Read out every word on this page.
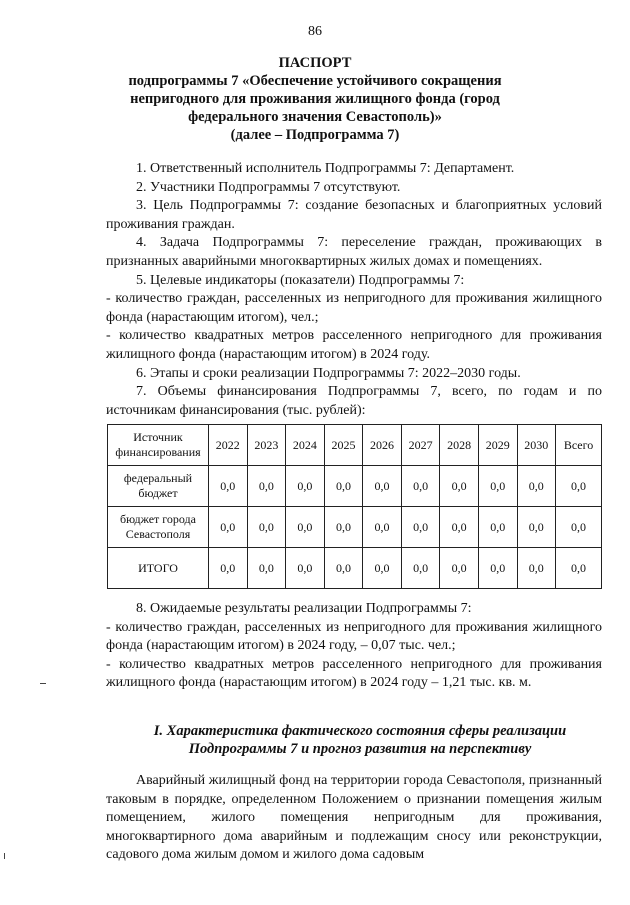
86
ПАСПОРТ
подпрограммы 7 «Обеспечение устойчивого сокращения непригодного для проживания жилищного фонда (город федерального значения Севастополь)»
(далее – Подпрограмма 7)

1. Ответственный исполнитель Подпрограммы 7: Департамент.

2. Участники Подпрограммы 7 отсутствуют.

3. Цель Подпрограммы 7: создание безопасных и благоприятных условий проживания граждан.

4. Задача Подпрограммы 7: переселение граждан, проживающих в признанных аварийными многоквартирных жилых домах и помещениях.

5. Целевые индикаторы (показатели) Подпрограммы 7:

- количество граждан, расселенных из непригодного для проживания жилищного фонда (нарастающим итогом), чел.;

- количество квадратных метров расселенного непригодного для проживания жилищного фонда (нарастающим итогом) в 2024 году.

6. Этапы и сроки реализации Подпрограммы 7: 2022–2030 годы.

7. Объемы финансирования Подпрограммы 7, всего, по годам и по источникам финансирования (тыс. рублей):

Источник финансирования	2022	2023	2024	2025	2026	2027	2028	2029	2030	Всего
федеральный бюджет	0,0	0,0	0,0	0,0	0,0	0,0	0,0	0,0	0,0	0,0
бюджет города Севастополя	0,0	0,0	0,0	0,0	0,0	0,0	0,0	0,0	0,0	0,0
ИТОГО	0,0	0,0	0,0	0,0	0,0	0,0	0,0	0,0	0,0	0,0

8. Ожидаемые результаты реализации Подпрограммы 7:

- количество граждан, расселенных из непригодного для проживания жилищного фонда (нарастающим итогом) в 2024 году, – 0,07 тыс. чел.;

- количество квадратных метров расселенного непригодного для проживания жилищного фонда (нарастающим итогом) в 2024 году – 1,21 тыс. кв. м.

I. Характеристика фактического состояния сферы реализации Подпрограммы 7 и прогноз развития на перспективу

Аварийный жилищный фонд на территории города Севастополя, признанный таковым в порядке, определенном Положением о признании помещения жилым помещением, жилого помещения непригодным для проживания, многоквартирного дома аварийным и подлежащим сносу или реконструкции, садового дома жилым домом и жилого дома садовым
